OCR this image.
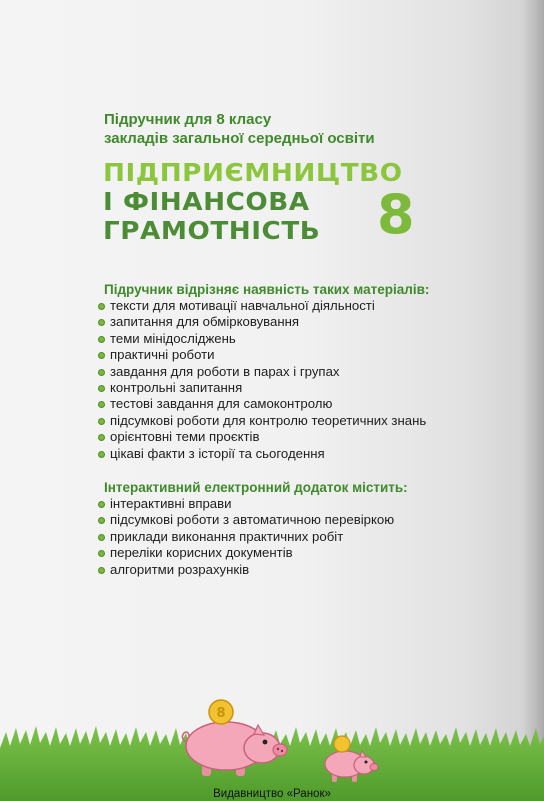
Підручник для 8 класу
закладів загальної середньої освіти
ПІДПРИЄМНИЦТВО
І ФІНАНСОВА
ГРАМОТНІСТЬ	8
Підручник відрізняє наявність таких матеріалів:
тексти для мотивації навчальної діяльності
запитання для обмірковування
теми мінідосліджень
практичні роботи
завдання для роботи в парах і групах
контрольні запитання
тестові завдання для самоконтролю
підсумкові роботи для контролю теоретичних знань
орієнтовні теми проєктів
цікаві факти з історії та сьогодення
Інтерактивний електронний додаток містить:
інтерактивні вправи
підсумкові роботи з автоматичною перевіркою
приклади виконання практичних робіт
переліки корисних документів
алгоритми розрахунків
8
Видавництво «Ранок»
